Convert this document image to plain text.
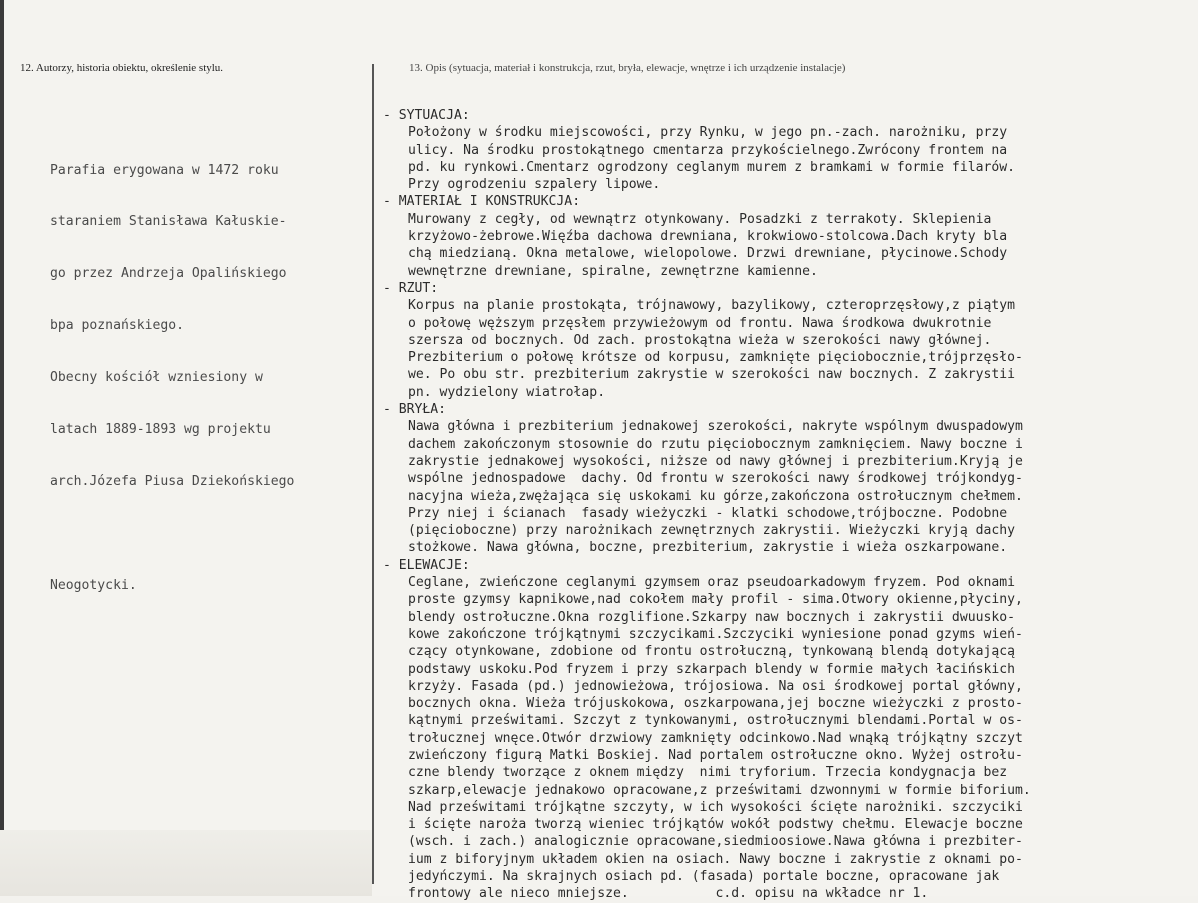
12. Autorzy, historia obiektu, określenie stylu.	13. Opis (sytuacja, materiał i konstrukcja, rzut, bryła, elewacje, wnętrze i ich urządzenie instalacje)

Parafia erygowana w 1472 roku

staraniem Stanisława Kałuskie-

go przez Andrzeja Opalińskiego

bpa poznańskiego.

Obecny kościół wzniesiony w

latach 1889-1893 wg projektu

arch.Józefa Piusa Dziekońskiego

Neogotycki.

- SYTUACJA:
Położony w środku miejscowości, przy Rynku, w jego pn.-zach. narożniku, przy
ulicy. Na środku prostokątnego cmentarza przykościelnego.Zwrócony frontem na
pd. ku rynkowi.Cmentarz ogrodzony ceglanym murem z bramkami w formie filarów.
Przy ogrodzeniu szpalery lipowe.
- MATERIAŁ I KONSTRUKCJA:
Murowany z cegły, od wewnątrz otynkowany. Posadzki z terrakoty. Sklepienia
krzyżowo-żebrowe.Więźba dachowa drewniana, krokwiowo-stolcowa.Dach kryty bla
chą miedzianą. Okna metalowe, wielopolowe. Drzwi drewniane, płycinowe.Schody
wewnętrzne drewniane, spiralne, zewnętrzne kamienne.
- RZUT:
Korpus na planie prostokąta, trójnawowy, bazylikowy, czteroprzęsłowy,z piątym
o połowę węższym przęsłem przywieżowym od frontu. Nawa środkowa dwukrotnie
szersza od bocznych. Od zach. prostokątna wieża w szerokości nawy głównej.
Prezbiterium o połowę krótsze od korpusu, zamknięte pięciobocznie,trójprzęsło-
we. Po obu str. prezbiterium zakrystie w szerokości naw bocznych. Z zakrystii
pn. wydzielony wiatrołap.
- BRYŁA:
Nawa główna i prezbiterium jednakowej szerokości, nakryte wspólnym dwuspadowym
dachem zakończonym stosownie do rzutu pięciobocznym zamknięciem. Nawy boczne i
zakrystie jednakowej wysokości, niższe od nawy głównej i prezbiterium.Kryją je
wspólne jednospadowe  dachy. Od frontu w szerokości nawy środkowej trójkondyg-
nacyjna wieża,zwężająca się uskokami ku górze,zakończona ostrołucznym chełmem.
Przy niej i ścianach  fasady wieżyczki - klatki schodowe,trójboczne. Podobne
(pięcioboczne) przy narożnikach zewnętrznych zakrystii. Wieżyczki kryją dachy
stożkowe. Nawa główna, boczne, prezbiterium, zakrystie i wieża oszkarpowane.
- ELEWACJE:
Ceglane, zwieńczone ceglanymi gzymsem oraz pseudoarkadowym fryzem. Pod oknami
proste gzymsy kapnikowe,nad cokołem mały profil - sima.Otwory okienne,płyciny,
blendy ostrołuczne.Okna rozglifione.Szkarpy naw bocznych i zakrystii dwuusko-
kowe zakończone trójkątnymi szczycikami.Szczyciki wyniesione ponad gzyms wień-
czący otynkowane, zdobione od frontu ostrołuczną, tynkowaną blendą dotykającą
podstawy uskoku.Pod fryzem i przy szkarpach blendy w formie małych łacińskich
krzyży. Fasada (pd.) jednowieżowa, trójosiowa. Na osi środkowej portal główny,
bocznych okna. Wieża trójuskokowa, oszkarpowana,jej boczne wieżyczki z prosto-
kątnymi prześwitami. Szczyt z tynkowanymi, ostrołucznymi blendami.Portal w os-
trołucznej wnęce.Otwór drzwiowy zamknięty odcinkowo.Nad wnąką trójkątny szczyt
zwieńczony figurą Matki Boskiej. Nad portalem ostrołuczne okno. Wyżej ostrołu-
czne blendy tworzące z oknem między  nimi tryforium. Trzecia kondygnacja bez
szkarp,elewacje jednakowo opracowane,z prześwitami dzwonnymi w formie biforium.
Nad prześwitami trójkątne szczyty, w ich wysokości ścięte narożniki. szczyciki
i ścięte naroża tworzą wieniec trójkątów wokół podstwy chełmu. Elewacje boczne
(wsch. i zach.) analogicznie opracowane,siedmioosiowe.Nawa główna i prezbiter-
ium z biforyjnym układem okien na osiach. Nawy boczne i zakrystie z oknami po-
jedyńczymi. Na skrajnych osiach pd. (fasada) portale boczne, opracowane jak
frontowy ale nieco mniejsze.           c.d. opisu na wkładce nr 1.
